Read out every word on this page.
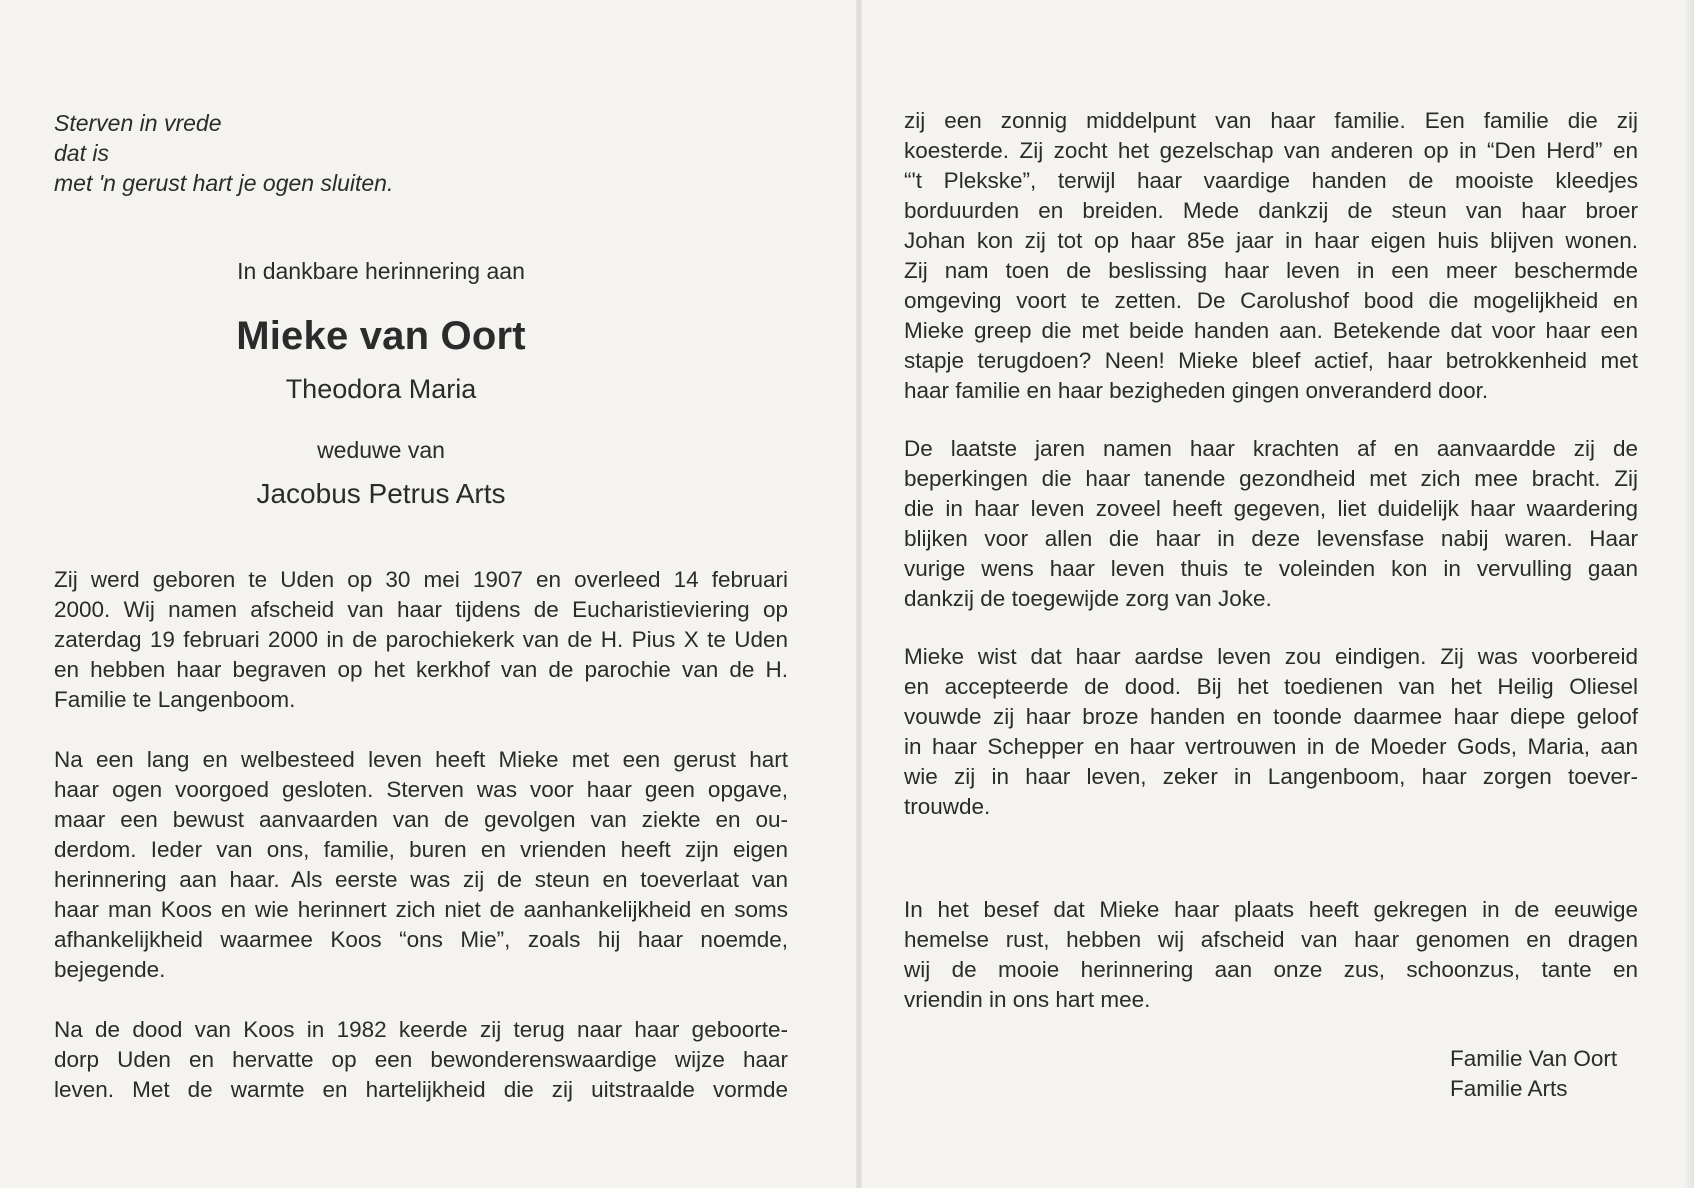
Sterven in vrede
dat is
met 'n gerust hart je ogen sluiten.
In dankbare herinnering aan
Mieke van Oort
Theodora Maria
weduwe van
Jacobus Petrus Arts
Zij werd geboren te Uden op 30 mei 1907 en overleed 14 februari
2000. Wij namen afscheid van haar tijdens de Eucharistieviering op
zaterdag 19 februari 2000 in de parochiekerk van de H. Pius X te Uden
en hebben haar begraven op het kerkhof van de parochie van de H.
Familie te Langenboom.
Na een lang en welbesteed leven heeft Mieke met een gerust hart
haar ogen voorgoed gesloten. Sterven was voor haar geen opgave,
maar een bewust aanvaarden van de gevolgen van ziekte en ou-
derdom. Ieder van ons, familie, buren en vrienden heeft zijn eigen
herinnering aan haar. Als eerste was zij de steun en toeverlaat van
haar man Koos en wie herinnert zich niet de aanhankelijkheid en soms
afhankelijkheid waarmee Koos “ons Mie”, zoals hij haar noemde,
bejegende.
Na de dood van Koos in 1982 keerde zij terug naar haar geboorte-
dorp Uden en hervatte op een bewonderenswaardige wijze haar
leven. Met de warmte en hartelijkheid die zij uitstraalde vormde
zij een zonnig middelpunt van haar familie. Een familie die zij
koesterde. Zij zocht het gezelschap van anderen op in “Den Herd” en
“'t Plekske”, terwijl haar vaardige handen de mooiste kleedjes
borduurden en breiden. Mede dankzij de steun van haar broer
Johan kon zij tot op haar 85e jaar in haar eigen huis blijven wonen.
Zij nam toen de beslissing haar leven in een meer beschermde
omgeving voort te zetten. De Carolushof bood die mogelijkheid en
Mieke greep die met beide handen aan. Betekende dat voor haar een
stapje terugdoen? Neen! Mieke bleef actief, haar betrokkenheid met
haar familie en haar bezigheden gingen onveranderd door.
De laatste jaren namen haar krachten af en aanvaardde zij de
beperkingen die haar tanende gezondheid met zich mee bracht. Zij
die in haar leven zoveel heeft gegeven, liet duidelijk haar waardering
blijken voor allen die haar in deze levensfase nabij waren. Haar
vurige wens haar leven thuis te voleinden kon in vervulling gaan
dankzij de toegewijde zorg van Joke.
Mieke wist dat haar aardse leven zou eindigen. Zij was voorbereid
en accepteerde de dood. Bij het toedienen van het Heilig Oliesel
vouwde zij haar broze handen en toonde daarmee haar diepe geloof
in haar Schepper en haar vertrouwen in de Moeder Gods, Maria, aan
wie zij in haar leven, zeker in Langenboom, haar zorgen toever-
trouwde.
In het besef dat Mieke haar plaats heeft gekregen in de eeuwige
hemelse rust, hebben wij afscheid van haar genomen en dragen
wij de mooie herinnering aan onze zus, schoonzus, tante en
vriendin in ons hart mee.
Familie Van Oort
Familie Arts
